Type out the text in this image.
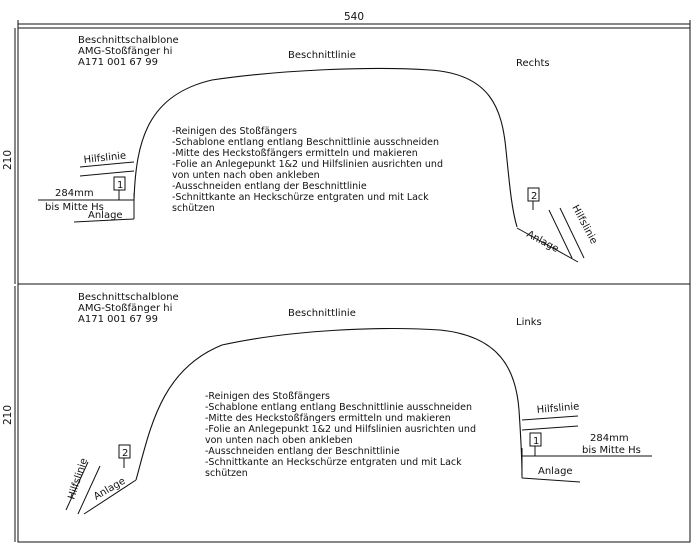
540
210
210
Beschnittschalblone
AMG-Stoßfänger hi
A171 001 67 99	Rechts
Beschnittlinie
-Reinigen des Stoßfängers
-Schablone entlang entlang Beschnittlinie ausschneiden
-Mitte des Heckstoßfängers ermitteln und makieren
-Folie an Anlegepunkt 1&2 und Hilfslinien ausrichten und
von unten nach oben ankleben
-Ausschneiden entlang der Beschnittlinie
-Schnittkante an Heckschürze entgraten und mit Lack
schützen
Hilfslinie
1
284mm
bis Mitte Hs
Anlage
2
Anlage Hilfslinie
Beschnittschalblone
AMG-Stoßfänger hi
A171 001 67 99	Links
Beschnittlinie
-Reinigen des Stoßfängers
-Schablone entlang entlang Beschnittlinie ausschneiden
-Mitte des Heckstoßfängers ermitteln und makieren
-Folie an Anlegepunkt 1&2 und Hilfslinien ausrichten und
von unten nach oben ankleben
-Ausschneiden entlang der Beschnittlinie
-Schnittkante an Heckschürze entgraten und mit Lack
schützen
Hilfslinie
2
Anlage
Hilfslinie
1	284mm
bis Mitte Hs
Anlage
